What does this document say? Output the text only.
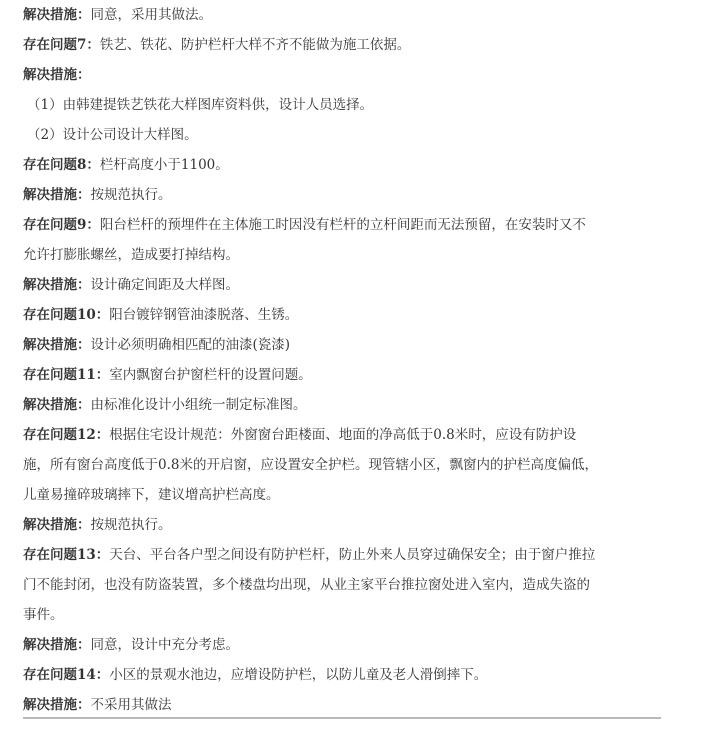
解决措施：同意，采用其做法。
存在问题7：铁艺、铁花、防护栏杆大样不齐不能做为施工依据。
解决措施：
（1）由韩建提铁艺铁花大样图库资料供，设计人员选择。
（2）设计公司设计大样图。
存在问题8：栏杆高度小于1100。
解决措施：按规范执行。
存在问题9：阳台栏杆的预埋件在主体施工时因没有栏杆的立杆间距而无法预留，在安装时又不
允许打膨胀螺丝，造成要打掉结构。
解决措施：设计确定间距及大样图。
存在问题10：阳台镀锌钢管油漆脱落、生锈。
解决措施：设计必须明确相匹配的油漆(瓷漆)
存在问题11：室内飘窗台护窗栏杆的设置问题。
解决措施：由标准化设计小组统一制定标准图。
存在问题12：根据住宅设计规范：外窗窗台距楼面、地面的净高低于0.8米时，应设有防护设
施，所有窗台高度低于0.8米的开启窗，应设置安全护栏。现管辖小区，飘窗内的护栏高度偏低，
儿童易撞碎玻璃摔下，建议增高护栏高度。
解决措施：按规范执行。
存在问题13：天台、平台各户型之间设有防护栏杆，防止外来人员穿过确保安全；由于窗户推拉
门不能封闭，也没有防盗装置，多个楼盘均出现，从业主家平台推拉窗处进入室内，造成失盗的
事件。
解决措施：同意，设计中充分考虑。
存在问题14：小区的景观水池边，应增设防护栏，以防儿童及老人滑倒摔下。
解决措施：不采用其做法
